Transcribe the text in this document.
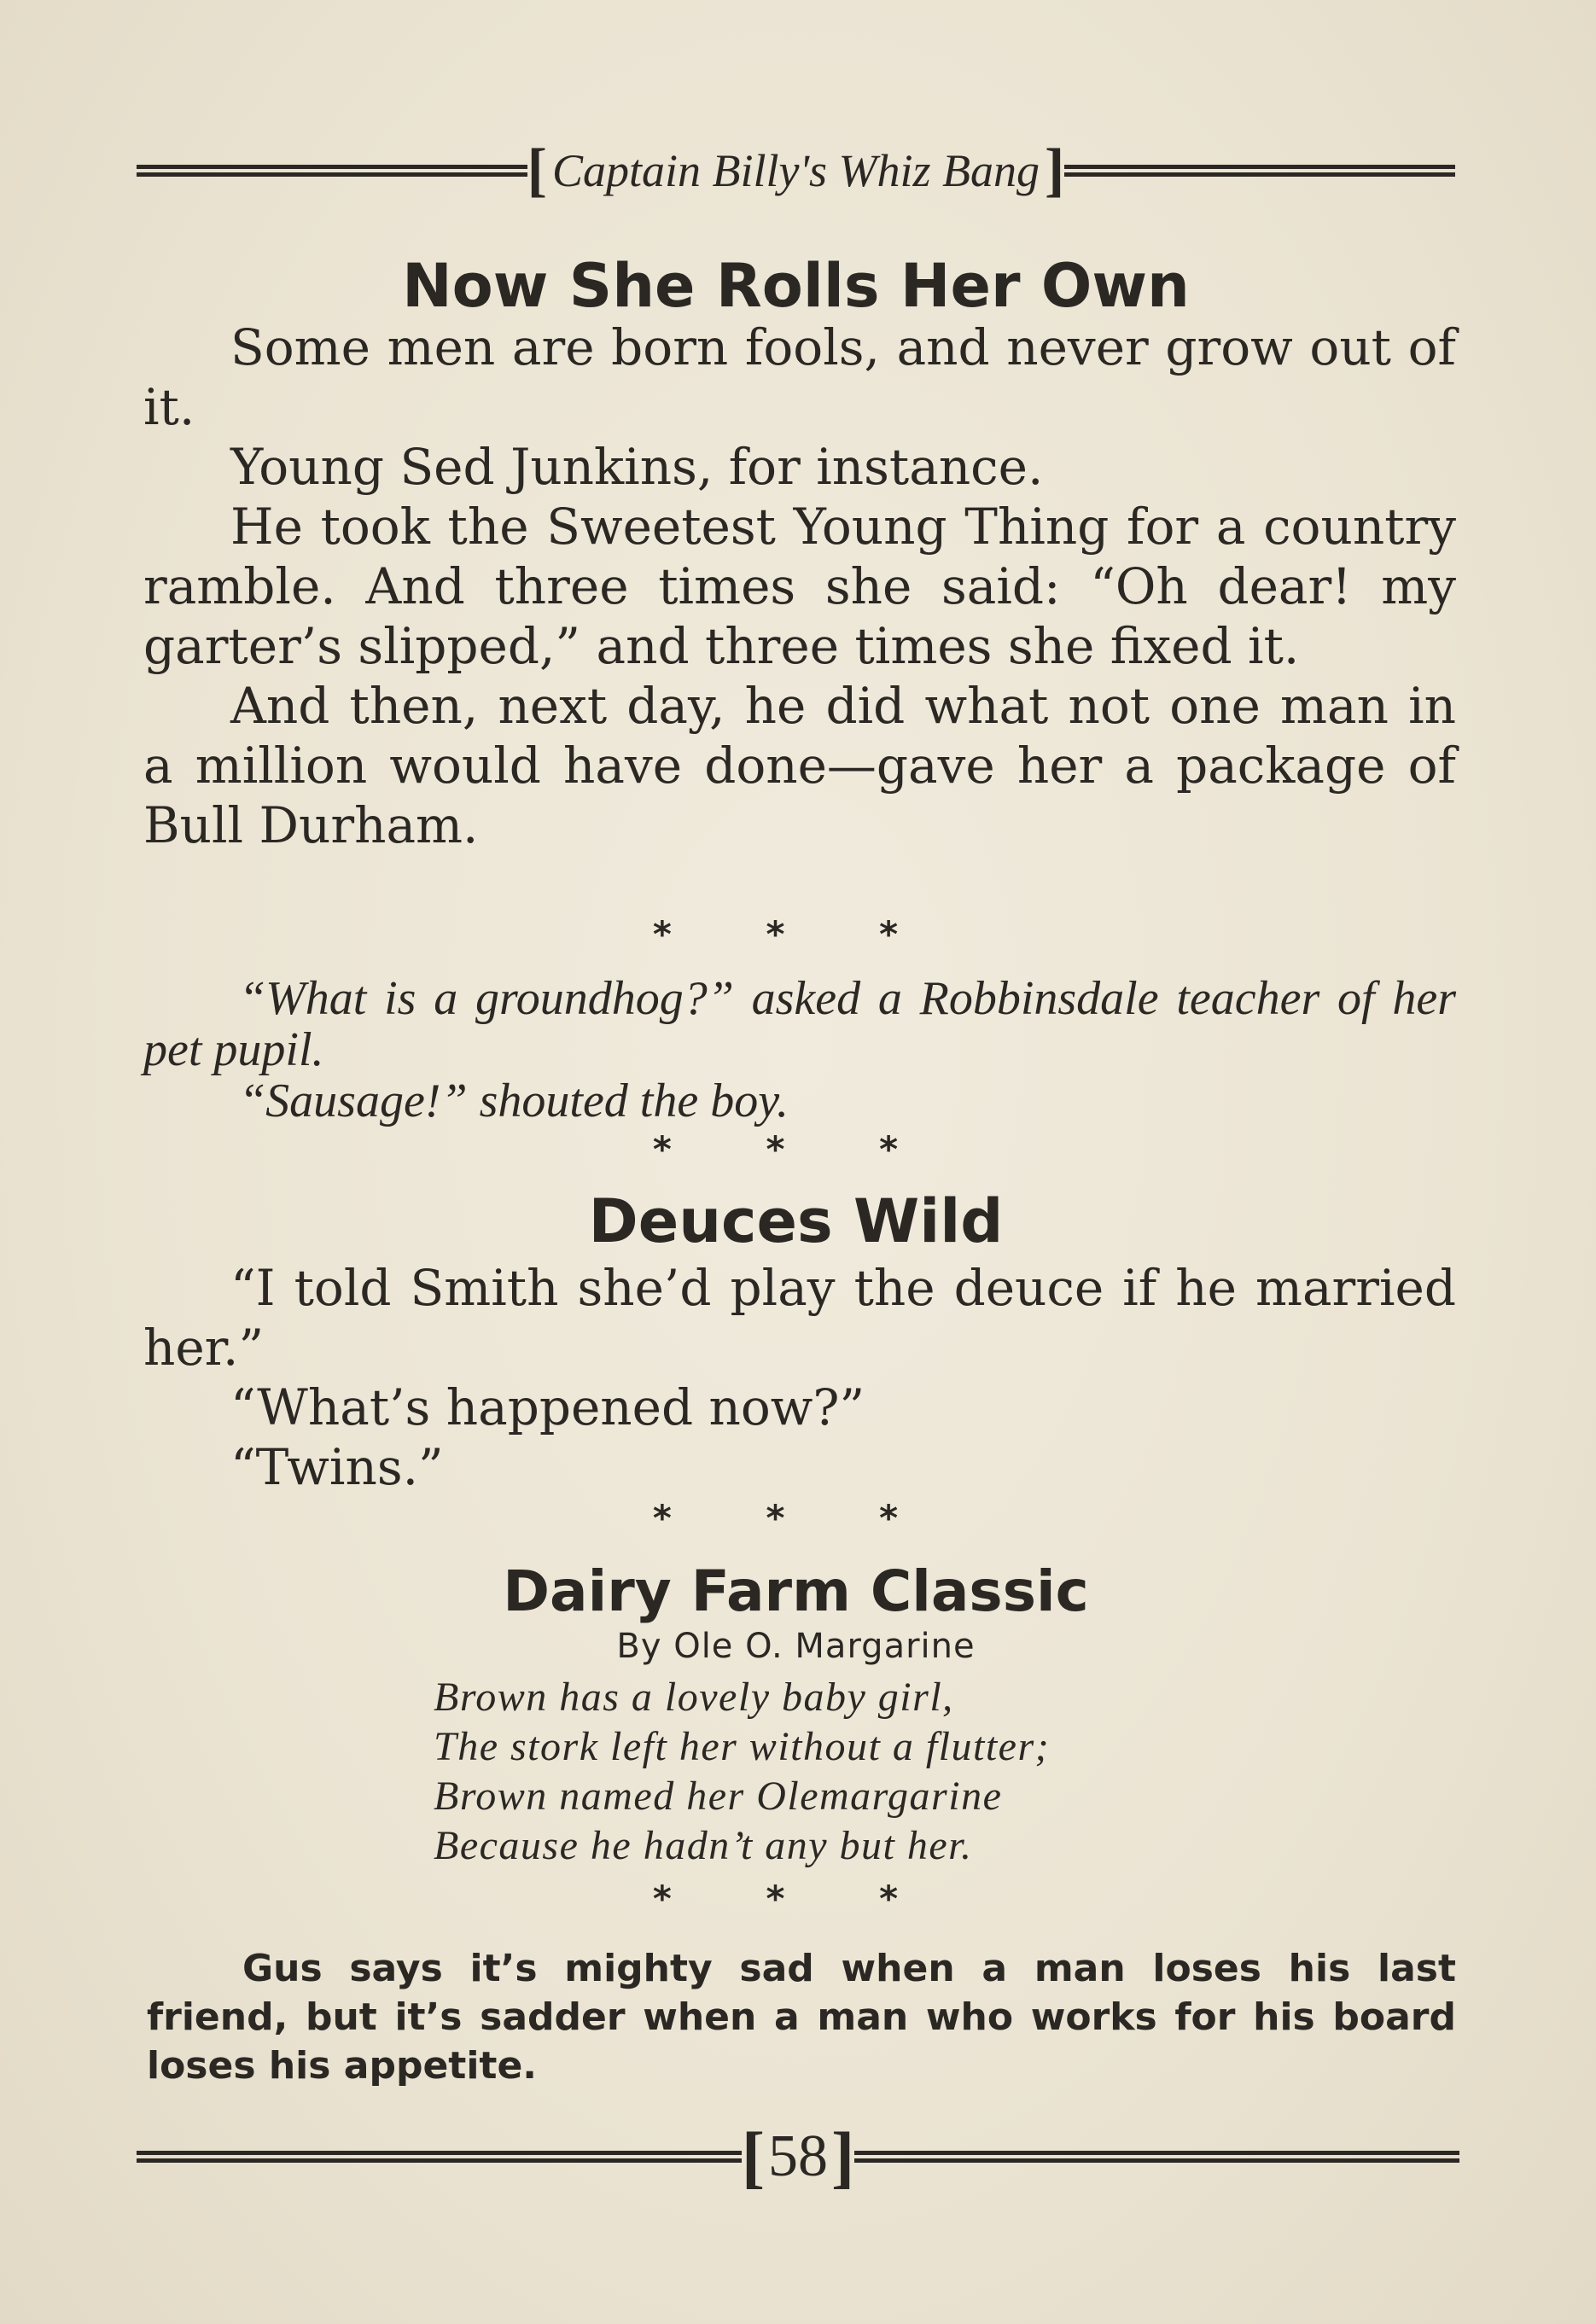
[ Captain Billy's Whiz Bang ]
Now She Rolls Her Own

Some men are born fools, and never grow out of it.

Young Sed Junkins, for instance.

He took the Sweetest Young Thing for a country ramble. And three times she said: “Oh dear! my garter’s slipped,” and three times she fixed it.

And then, next day, he did what not one man in a million would have done—gave her a package of Bull Durham.

* * *

“What is a groundhog?” asked a Robbinsdale teacher of her pet pupil.

“Sausage!” shouted the boy.

* * *
Deuces Wild

“I told Smith she’d play the deuce if he married her.”

“What’s happened now?”

“Twins.”

* * *
Dairy Farm Classic
By Ole O. Margarine
Brown has a lovely baby girl,
The stork left her without a flutter;
Brown named her Olemargarine
Because he hadn’t any but her.
* * *

Gus says it’s mighty sad when a man loses his last friend, but it’s sadder when a man who works for his board loses his appetite.

[ 58 ]
